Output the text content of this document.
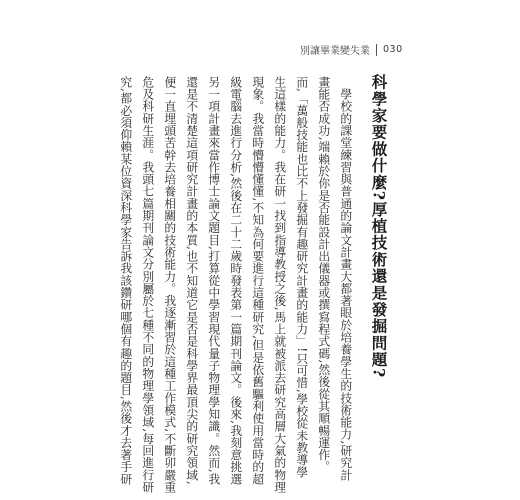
別讓畢業變失業 030
科學家要做什麼?厚植技術還是發掘問題?
　學校的課堂練習與普通的論文計畫大都著眼於培養學生的技術能力,研究計
畫能否成功,端賴於你是否能設計出儀器或撰寫程式碼,然後從其順暢運作。
而,「萬般技能也比不上發掘有趣研究計畫的能力」!只可惜,學校從未教導學
生這樣的能力。我在研一找到指導教授之後,馬上就被派去研究高層大氣的物理
現象。我當時懵懵懂懂,不知為何要進行這種研究,但是依舊驅利使用當時的超
級電腦去進行分析,然後在二十二歲時發表第一篇期刊論文。後來,我刻意挑選
另一項計畫來當作博士論文題目,打算從中學習現代量子物理學知識。然而,我
還是不清楚這項研究計畫的本質,也不知道它是否是科學界最頂尖的研究領域,
便一直埋頭苦幹去培養相關的技術能力。我逐漸習於這種工作模式,不斷卯嚴重
危及科研生涯。我頭七篇期刊論文分別屬於七種不同的物理學領域,每回進行研
究,都必須仰賴某位資深科學家告訴我該鑽研哪個有趣的題目,然後才去著手研
